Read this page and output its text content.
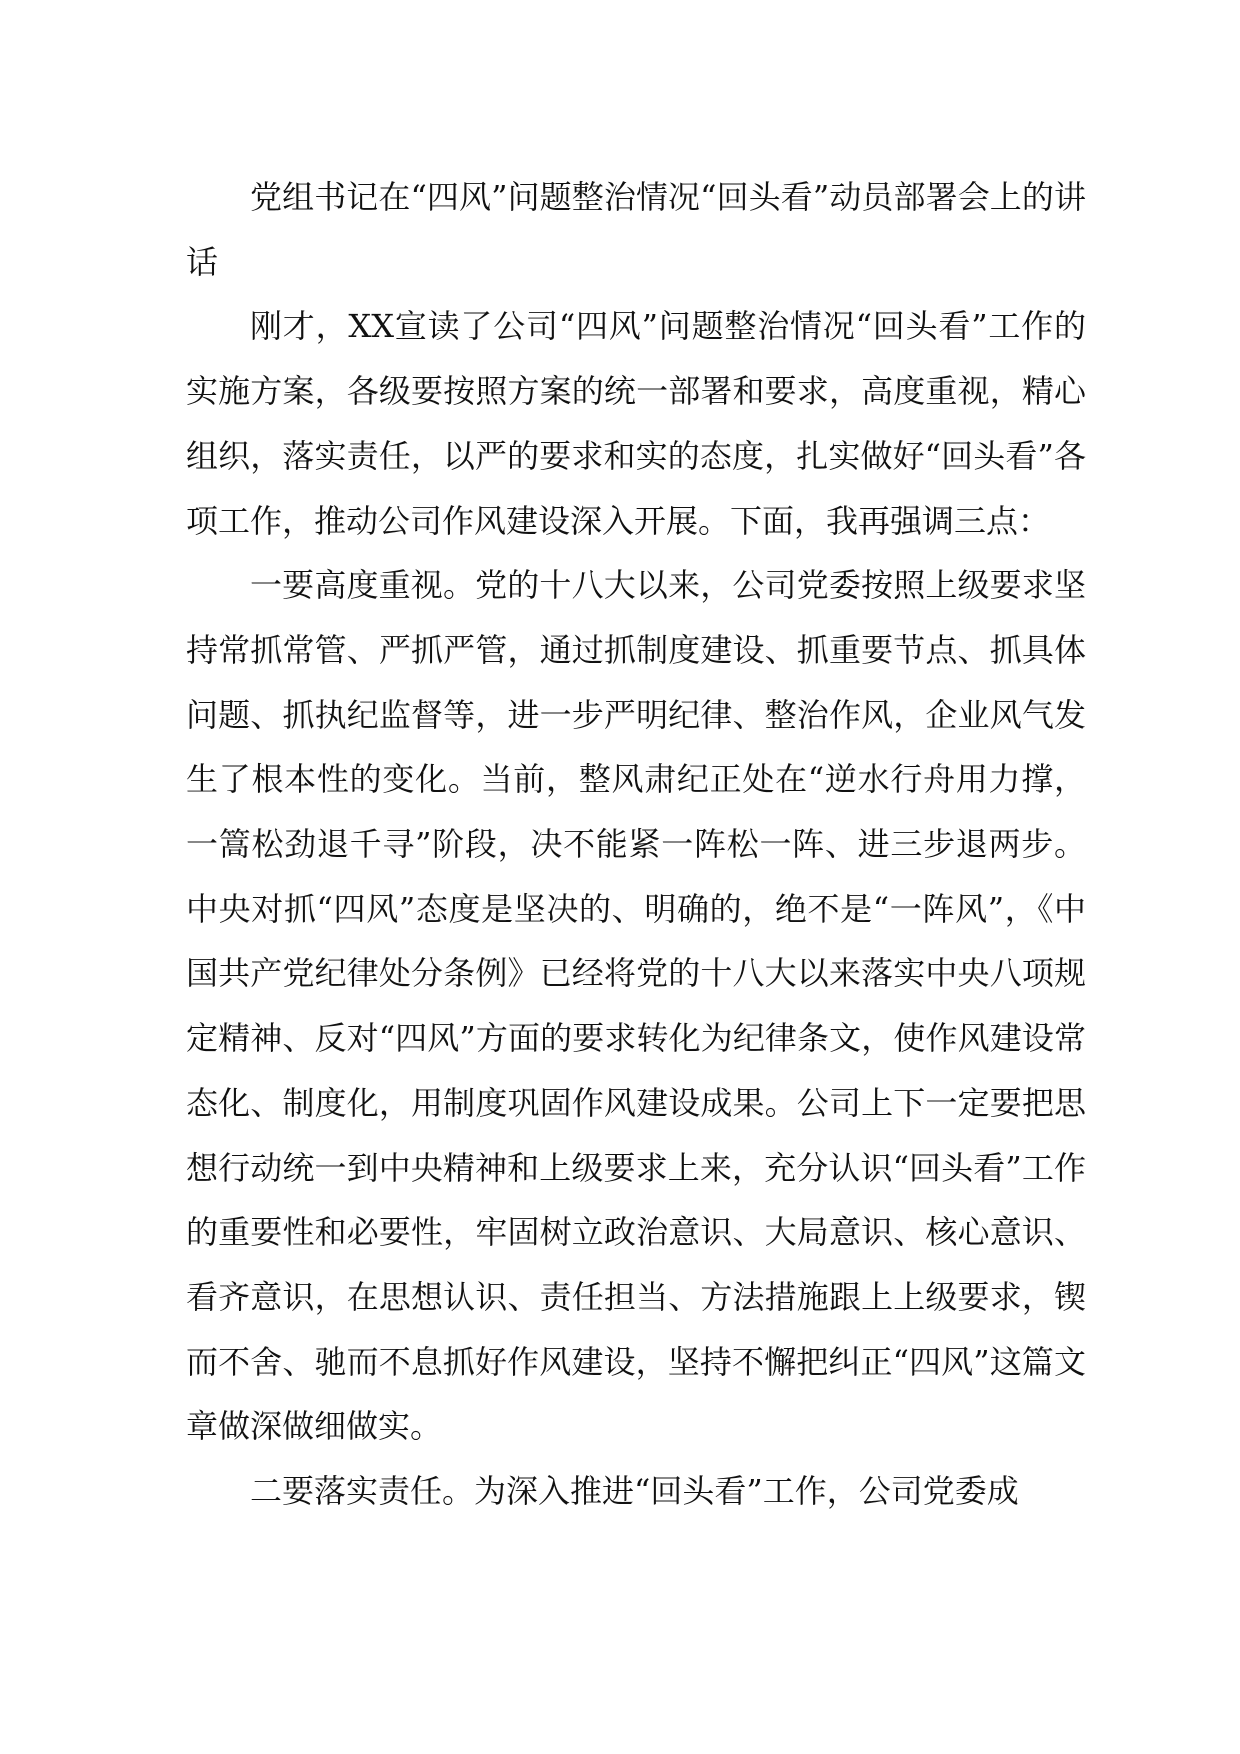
党组书记在“四风”问题整治情况“回头看”动员部署会上的讲话

刚才，XX宣读了公司“四风”问题整治情况“回头看”工作的实施方案，各级要按照方案的统一部署和要求，高度重视，精心组织，落实责任，以严的要求和实的态度，扎实做好“回头看”各项工作，推动公司作风建设深入开展。下面，我再强调三点：

一要高度重视。党的十八大以来，公司党委按照上级要求坚持常抓常管、严抓严管，通过抓制度建设、抓重要节点、抓具体问题、抓执纪监督等，进一步严明纪律、整治作风，企业风气发生了根本性的变化。当前，整风肃纪正处在“逆水行舟用力撑，一篙松劲退千寻”阶段，决不能紧一阵松一阵、进三步退两步。中央对抓“四风”态度是坚决的、明确的，绝不是“一阵风”，《中国共产党纪律处分条例》已经将党的十八大以来落实中央八项规定精神、反对“四风”方面的要求转化为纪律条文，使作风建设常态化、制度化，用制度巩固作风建设成果。公司上下一定要把思想行动统一到中央精神和上级要求上来，充分认识“回头看”工作的重要性和必要性，牢固树立政治意识、大局意识、核心意识、看齐意识，在思想认识、责任担当、方法措施跟上上级要求，锲而不舍、驰而不息抓好作风建设，坚持不懈把纠正“四风”这篇文章做深做细做实。

二要落实责任。为深入推进“回头看”工作，公司党委成
